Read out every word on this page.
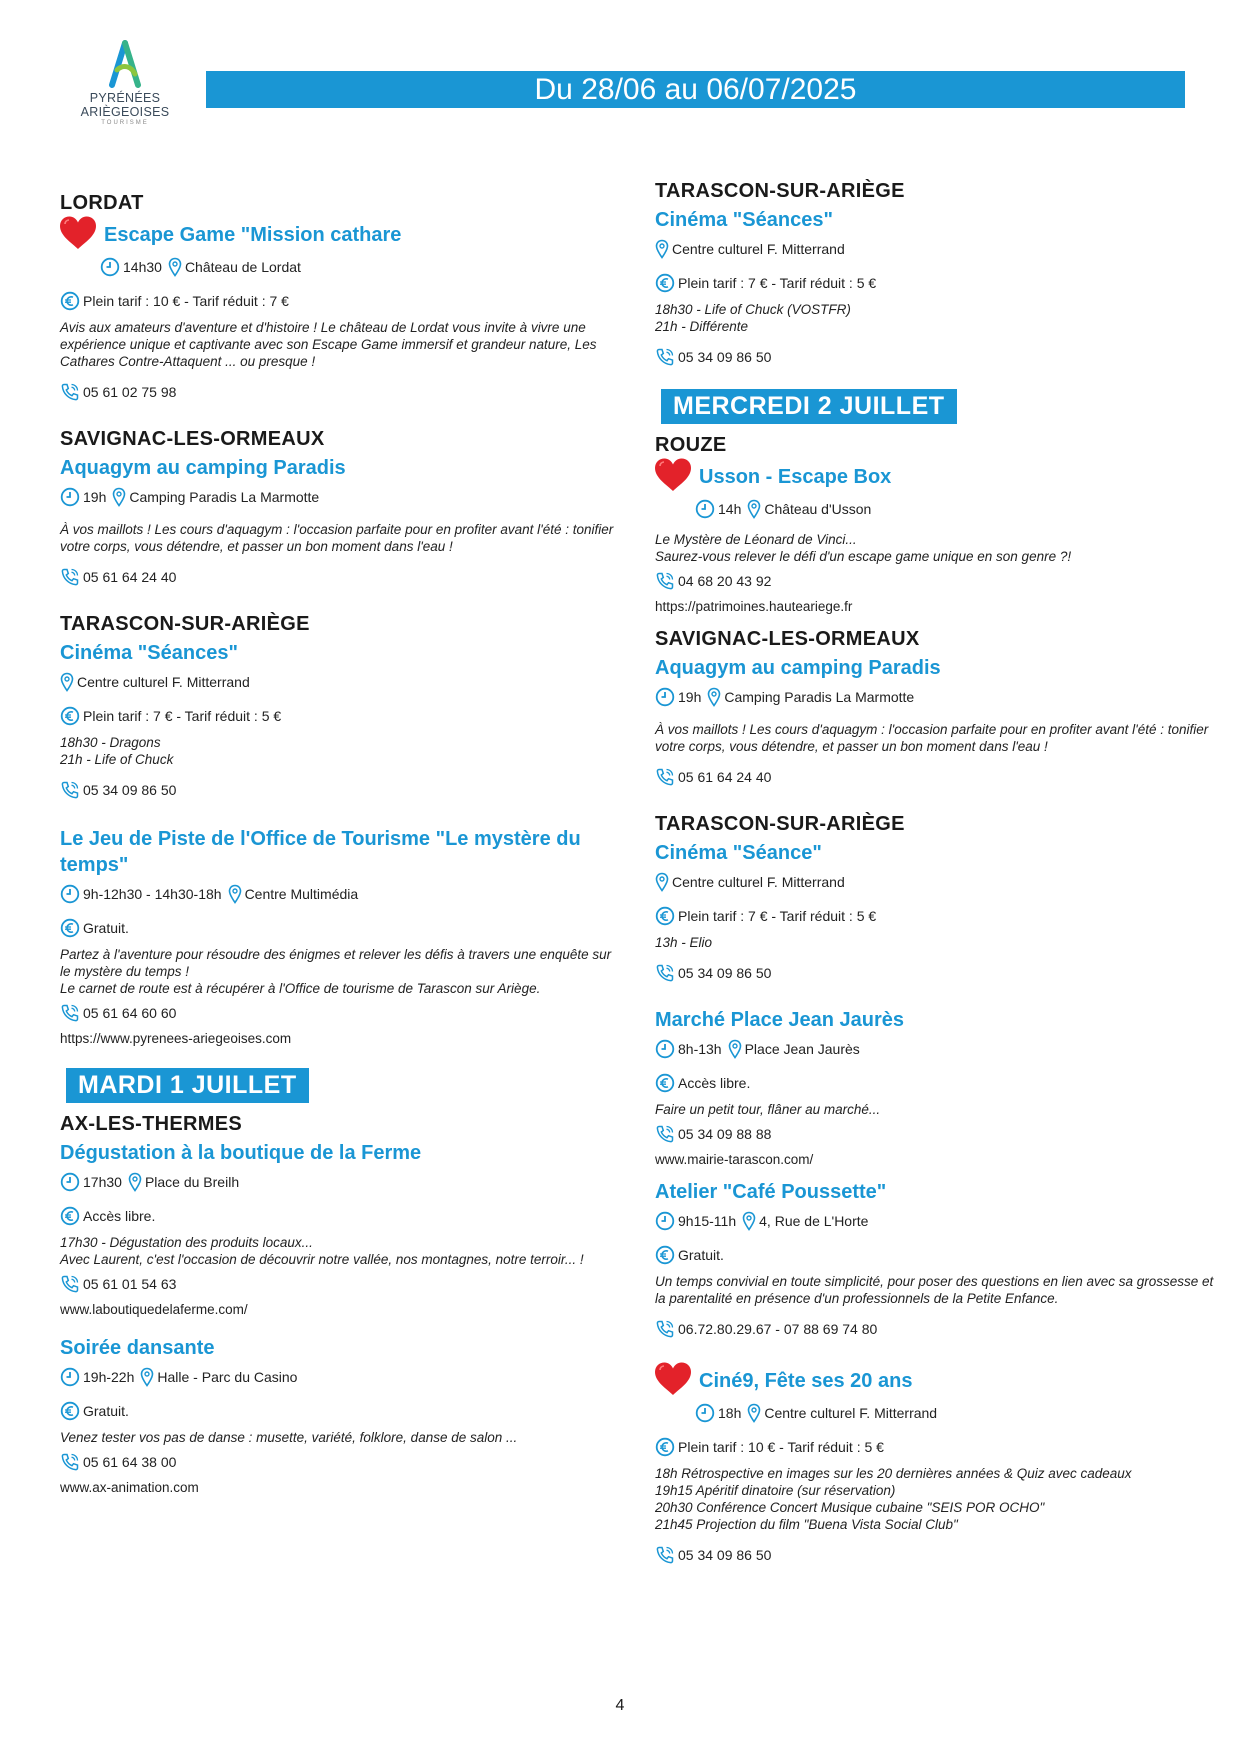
PYRÉNÉES
ARIÈGEOISES
TOURISME
Du 28/06 au 06/07/2025
LORDAT
Escape Game "Mission cathare
14h30 Château de Lordat
Plein tarif : 10 € - Tarif réduit : 7 €
Avis aux amateurs d'aventure et d'histoire ! Le château de Lordat vous invite à vivre une expérience unique et captivante avec son Escape Game immersif et grandeur nature, Les Cathares Contre-Attaquent ... ou presque !
05 61 02 75 98
SAVIGNAC-LES-ORMEAUX
Aquagym au camping Paradis
19h Camping Paradis La Marmotte
À vos maillots ! Les cours d'aquagym : l'occasion parfaite pour en profiter avant l'été : tonifier votre corps, vous détendre, et passer un bon moment dans l'eau !
05 61 64 24 40
TARASCON-SUR-ARIÈGE
Cinéma "Séances"
Centre culturel F. Mitterrand
Plein tarif : 7 € - Tarif réduit : 5 €
18h30 - Dragons
21h - Life of Chuck
05 34 09 86 50
Le Jeu de Piste de l'Office de Tourisme "Le mystère du temps"
9h-12h30 - 14h30-18h Centre Multimédia
Gratuit.
Partez à l'aventure pour résoudre des énigmes et relever les défis à travers une enquête sur le mystère du temps !
Le carnet de route est à récupérer à l'Office de tourisme de Tarascon sur Ariège.
05 61 64 60 60
https://www.pyrenees-ariegeoises.com
MARDI 1 JUILLET
AX-LES-THERMES
Dégustation à la boutique de la Ferme
17h30 Place du Breilh
Accès libre.
17h30 - Dégustation des produits locaux...
Avec Laurent, c'est l'occasion de découvrir notre vallée, nos montagnes, notre terroir... !
05 61 01 54 63
www.laboutiquedelaferme.com/
Soirée dansante
19h-22h Halle - Parc du Casino
Gratuit.
Venez tester vos pas de danse : musette, variété, folklore, danse de salon ...
05 61 64 38 00
www.ax-animation.com
TARASCON-SUR-ARIÈGE
Cinéma "Séances"
Centre culturel F. Mitterrand
Plein tarif : 7 € - Tarif réduit : 5 €
18h30 - Life of Chuck (VOSTFR)
21h - Différente
05 34 09 86 50
MERCREDI 2 JUILLET
ROUZE
Usson - Escape Box
14h Château d'Usson
Le Mystère de Léonard de Vinci...
Saurez-vous relever le défi d'un escape game unique en son genre ?!
04 68 20 43 92
https://patrimoines.hauteariege.fr
SAVIGNAC-LES-ORMEAUX
Aquagym au camping Paradis
19h Camping Paradis La Marmotte
À vos maillots ! Les cours d'aquagym : l'occasion parfaite pour en profiter avant l'été : tonifier votre corps, vous détendre, et passer un bon moment dans l'eau !
05 61 64 24 40
TARASCON-SUR-ARIÈGE
Cinéma "Séance"
Centre culturel F. Mitterrand
Plein tarif : 7 € - Tarif réduit : 5 €
13h - Elio
05 34 09 86 50
Marché Place Jean Jaurès
8h-13h Place Jean Jaurès
Accès libre.
Faire un petit tour, flâner au marché...
05 34 09 88 88
www.mairie-tarascon.com/
Atelier "Café Poussette"
9h15-11h 4, Rue de L'Horte
Gratuit.
Un temps convivial en toute simplicité, pour poser des questions en lien avec sa grossesse et la parentalité en présence d'un professionnels de la Petite Enfance.
06.72.80.29.67 - 07 88 69 74 80
Ciné9, Fête ses 20 ans
18h Centre culturel F. Mitterrand
Plein tarif : 10 € - Tarif réduit : 5 €
18h Rétrospective en images sur les 20 dernières années & Quiz avec cadeaux
19h15 Apéritif dinatoire (sur réservation)
20h30 Conférence Concert Musique cubaine "SEIS POR OCHO"
21h45 Projection du film "Buena Vista Social Club"
05 34 09 86 50
4
